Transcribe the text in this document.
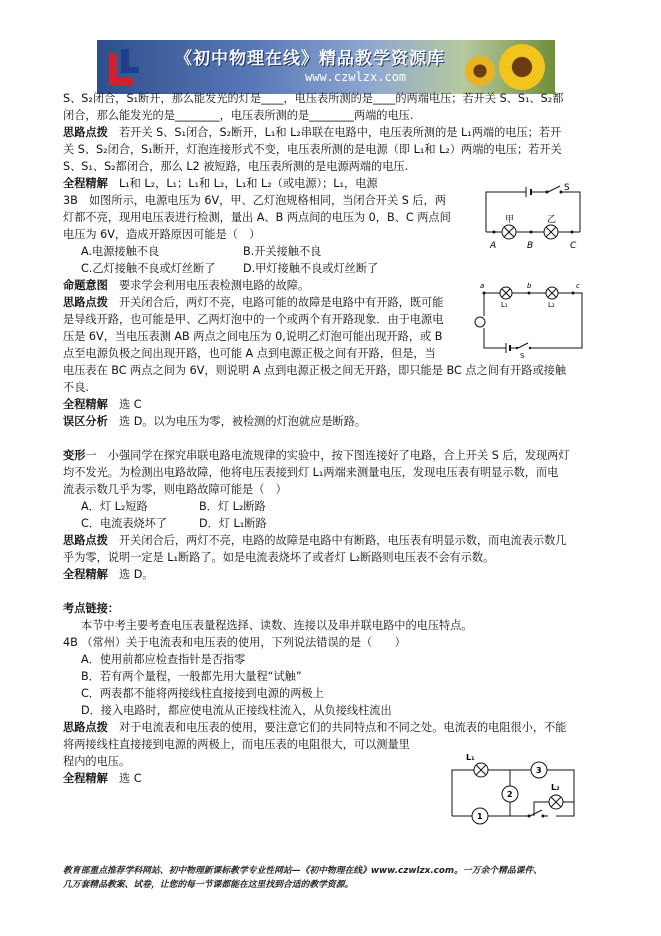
《初中物理在线》精品教学资源库
www.czwlzx.com

S、S₂闭合，S₁断开，那么能发光的灯是____，电压表所测的是____的两端电压；若开关 S、S₁、S₂都

闭合，那么能发光的是________，电压表所测的是________两端的电压.

思路点拨　若开关 S、S₁闭合，S₂断开，L₁和 L₂串联在电路中，电压表所测的是 L₁两端的电压；若开

关 S、S₂闭合，S₁断开，灯泡连接形式不变，电压表所测的是电源（即 L₁和 L₂）两端的电压；若开关

S、S₁、S₂都闭合，那么 L2 被短路，电压表所测的是电源两端的电压.

全程精解　L₁和 L₂，L₁；L₁和 L₂，L₁和 L₂（或电源）；L₁，电源

3B　如图所示，电源电压为 6V，甲、乙灯泡规格相同，当闭合开关 S 后，两

灯都不亮，现用电压表进行检测，量出 A、B 两点间的电压为 0，B、C 两点间

电压为 6V，造成开路原因可能是（　）

A.电源接触不良	B.开关接触不良

C.乙灯接触不良或灯丝断了 D.甲灯接触不良或灯丝断了

命题意图　要求学会利用电压表检测电路的故障。

思路点拨　开关闭合后，两灯不亮，电路可能的故障是电路中有开路，既可能

是导线开路，也可能是甲、乙两灯泡中的一个或两个有开路现象．由于电源电

压是 6V，当电压表测 AB 两点之间电压为 0,说明乙灯泡可能出现开路，或 B

点至电源负极之间出现开路，也可能 A 点到电源正极之间有开路，但是，当

电压表在 BC 两点之间为 6V，则说明 A 点到电源正极之间无开路，即只能是 BC 点之间有开路或接触

不良.

全程精解　选 C

误区分析　选 D。以为电压为零，被检测的灯泡就应是断路。

变形一　小强同学在探究串联电路电流规律的实验中，按下图连接好了电路，合上开关 S 后，发现两灯

均不发光。为检测出电路故障，他将电压表接到灯 L₁两端来测量电压，发现电压表有明显示数，而电

流表示数几乎为零，则电路故障可能是（　）

A．灯 L₂短路	B．灯 L₂断路

C．电流表烧坏了	D．灯 L₁断路

思路点拨　开关闭合后，两灯不亮，电路的故障是电路中有断路，电压表有明显示数，而电流表示数几

乎为零，说明一定是 L₁断路了。如是电流表烧坏了或者灯 L₂断路则电压表不会有示数。

全程精解　选 D。

考点链接：

本节中考主要考查电压表量程选择、读数、连接以及串并联电路中的电压特点。

4B （常州）关于电流表和电压表的使用，下列说法错误的是（　　）

A．使用前都应检查指针是否指零

B．若有两个量程，一般都先用大量程“试触”

C．两表都不能将两接线柱直接接到电源的两极上

D．接入电路时，都应使电流从正接线柱流入，从负接线柱流出

思路点拨　对于电流表和电压表的使用，要注意它们的共同特点和不同之处。电流表的电阻很小，不能

将两接线柱直接接到电源的两极上，而电压表的电阻很大，可以测量里

程内的电压。

全程精解　选 C

S
甲	乙
A	B	C
a	b	c
L₁	L₂
S
3
L₁
2
1
L₂
教育部重点推荐学科网站、初中物理新课标教学专业性网站—《初中物理在线》www.czwlzx.com。一万余个精品课件、
几万套精品教案、试卷，让您的每一节课都能在这里找到合适的教学资源。
